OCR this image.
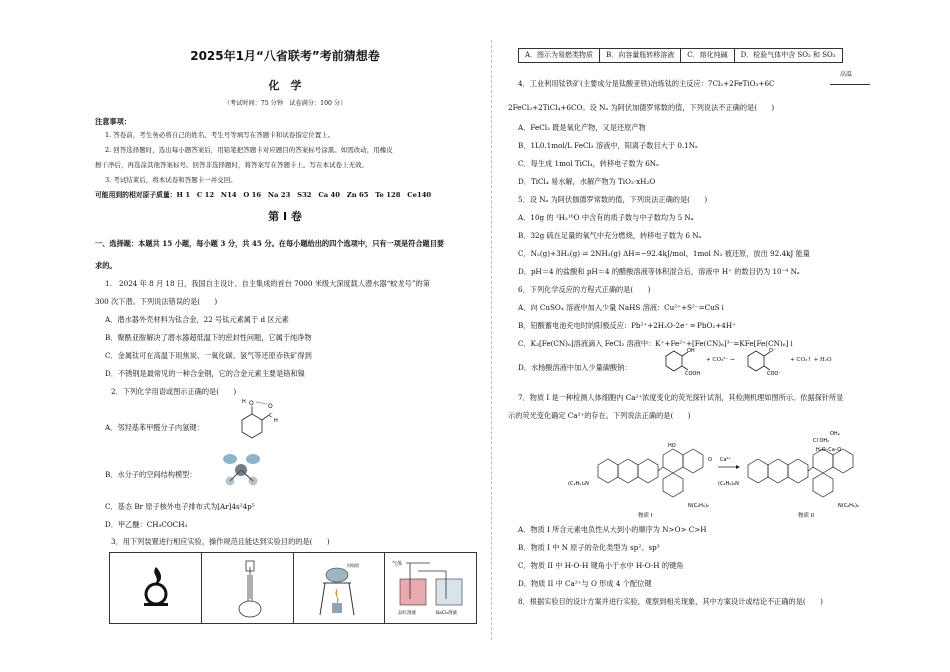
2025年1月“八省联考”考前猜想卷
化　学
（考试时间：75 分钟　试卷满分：100 分）
注意事项：
1. 答卷前，考生务必将自己的姓名、考生号等填写在答题卡和试卷指定位置上。
2. 回答选择题时，选出每小题答案后，用铅笔把答题卡对应题目的答案标号涂黑。如需改动，用橡皮
擦干净后，再选涂其他答案标号。回答非选择题时，将答案写在答题卡上。写在本试卷上无效。
3. 考试结束后，将本试卷和答题卡一并交回。
可能用到的相对原子质量：H 1　C 12　N14　O 16　Na 23　S32　Ca 40　Zn 65　Te 128　Ce140
第 I 卷
一、选择题：本题共 15 小题，每小题 3 分，共 45 分。在每小题给出的四个选项中，只有一项是符合题目要
求的。
1.　2024 年 8 月 18 日，我国自主设计、自主集成的首台 7000 米级大深度载人潜水器“蛟龙号”的第
300 次下潜。下列说法错误的是(　　)
A．潜水器外壳材料为钛合金，22 号钛元素属于 d 区元素
B．聚酰亚胺解决了潜水器超低温下的密封性问题，它属于纯净物
C．金属钛可在高温下用焦炭、一氧化碳、氢气等还原赤铁矿得到
D．不锈钢是最常见的一种合金钢，它的合金元素主要是铬和镍
2．下列化学用语或图示正确的是(　　)
A．邻羟基苯甲醛分子内氢键：
O
H
C
H
O
B．水分子的空间结构模型：
C．基态 Br 原子核外电子排布式为[Ar]4s²4p⁵
D．甲乙醚：CH₃COCH₃
3．用下列装置进行相应实验，操作规范且能达到实验目的的是(　　)
坩埚钳	气体
品红溶液	BaCl₂溶液
A．图示为易燃类物质	B．向容量瓶转移溶液	C．熔化纯碱	D．检验气体中含 SO₂ 和 SO₃
4．工业利用钛铁矿(主要成分是钛酸亚铁)冶炼钛的主反应：7Cl₂+2FeTiO₃+6C
高温
2FeCl₃+2TiCl₄+6CO。设 Nₐ 为阿伏加德罗常数的值，下列说法不正确的是(　　)
A．FeCl₃ 既是氧化产物，又是还原产物
B．1L0.1mol/L FeCl₃ 溶液中，阳离子数目大于 0.1Nₐ
C．每生成 1mol TiCl₄，转移电子数为 6Nₐ
D．TiCl₄ 易水解，水解产物为 TiO₂·xH₂O
5．设 Nₐ 为阿伏伽德罗常数的值，下列说法正确的是(　　)
A．10g 的 ²H₂¹⁶O 中含有的质子数与中子数均为 5 Nₐ
B．32g 硫在足量的氧气中充分燃烧，转移电子数为 6 Nₐ
C．N₂(g)+3H₂(g) ⇌ 2NH₃(g) ΔH=−92.4kJ/mol，1mol N₂ 被还原，放出 92.4kJ 能量
D．pH＝4 的盐酸和 pH＝4 的醋酸溶液等体积混合后，溶液中 H⁺ 的数目仍为 10⁻⁴ Nₐ
6．下列化学反应的方程式正确的是(　　)
A．向 CuSO₄ 溶液中加入少量 NaHS 溶液：Cu²⁺+S²⁻=CuS↓
B．铅酸蓄电池充电时的阳极反应：Pb²⁺+2H₂O-2e⁻ ═ PbO₂+4H⁺
C．K₃[Fe(CN)₆]溶液滴入 FeCl₂ 溶液中：K⁺+Fe²⁺+[Fe(CN)₆]³⁻=KFe[Fe(CN)₆]↓
D．水杨酸溶液中加入少量碳酸钠：
OH
COOH
+ CO₃²⁻ →
O⁻
COO⁻
+ CO₂↑ + H₂O
7．物质 I 是一种检测人体细胞内 Ca²⁺浓度变化的荧光探针试剂，其检测机理如图所示。依据探针所显
示的荧光变化确定 Ca²⁺的存在。下列说法正确的是(　　)
(C₂H₅)₂N
HO
N(C₂H₅)₂
O
物质 I
Ca²⁺
(C₂H₅)₂N
OH₂
Cl OH₂
H₂O–Ca–O
N(C₂H₅)₂
物质 II
A．物质 I 所含元素电负性从大到小的顺序为 N>O> C>H
B．物质 I 中 N 原子的杂化类型为 sp²、sp³
C．物质 II 中 H-O-H 键角小于水中 H-O-H 的键角
D．物质 II 中 Ca²⁺与 O 形成 4 个配位键
8．根据实验目的设计方案并进行实验，观察到相关现象，其中方案设计或结论不正确的是(　　)
